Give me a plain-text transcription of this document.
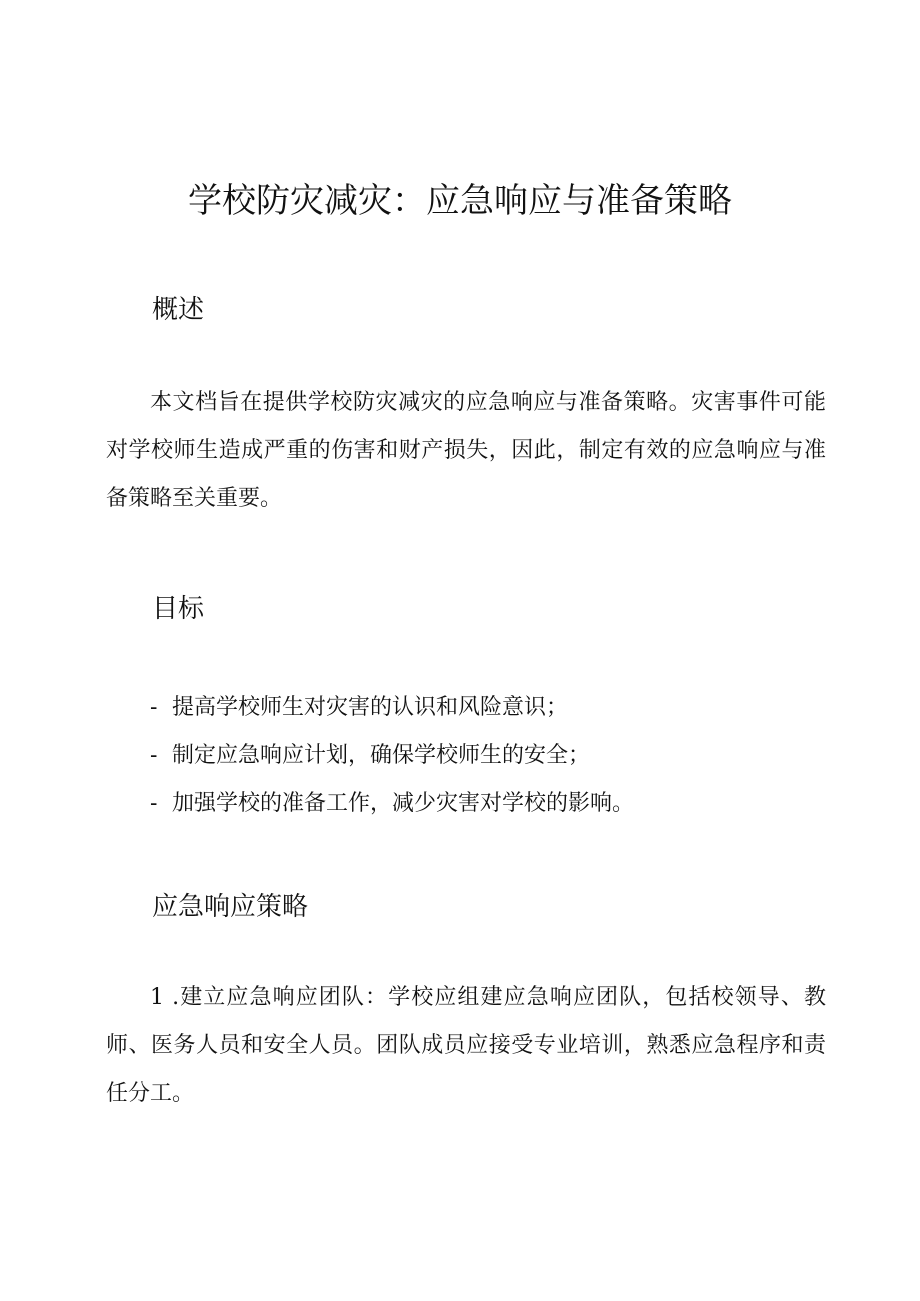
学校防灾减灾：应急响应与准备策略
概述

本文档旨在提供学校防灾减灾的应急响应与准备策略。灾害事件可能对学校师生造成严重的伤害和财产损失，因此，制定有效的应急响应与准备策略至关重要。

目标
- 提高学校师生对灾害的认识和风险意识；
- 制定应急响应计划，确保学校师生的安全；
- 加强学校的准备工作，减少灾害对学校的影响。
应急响应策略

1 .建立应急响应团队：学校应组建应急响应团队，包括校领导、教师、医务人员和安全人员。团队成员应接受专业培训，熟悉应急程序和责任分工。
